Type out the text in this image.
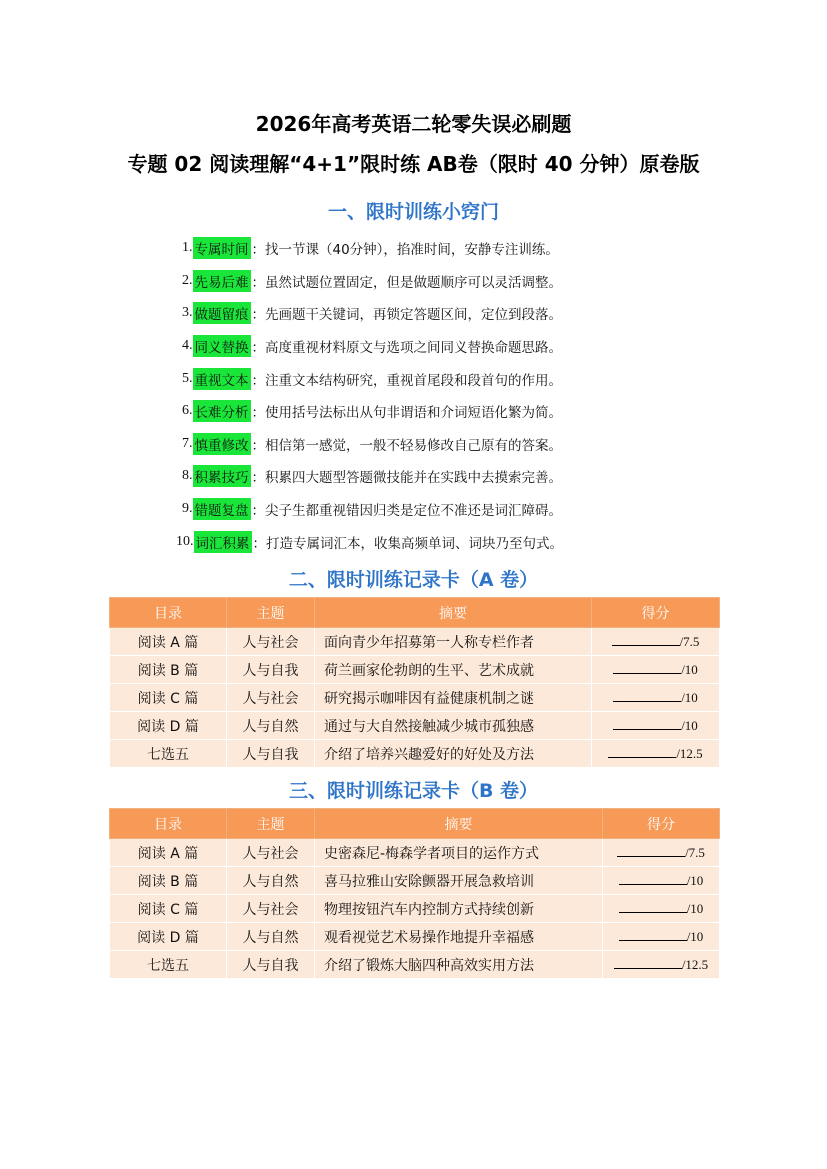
2026年高考英语二轮零失误必刷题
专题 02 阅读理解“4+1”限时练 AB卷（限时 40 分钟）原卷版
一、限时训练小窍门
1. 专属时间 ：找一节课（40分钟），掐准时间，安静专注训练。
2. 先易后难 ：虽然试题位置固定，但是做题顺序可以灵活调整。
3. 做题留痕 ：先画题干关键词，再锁定答题区间，定位到段落。
4. 同义替换 ：高度重视材料原文与选项之间同义替换命题思路。
5. 重视文本 ：注重文本结构研究，重视首尾段和段首句的作用。
6. 长难分析 ：使用括号法标出从句非谓语和介词短语化繁为简。
7. 慎重修改 ：相信第一感觉，一般不轻易修改自己原有的答案。
8. 积累技巧 ：积累四大题型答题微技能并在实践中去摸索完善。
9. 错题复盘 ：尖子生都重视错因归类是定位不准还是词汇障碍。
10. 词汇积累 ：打造专属词汇本，收集高频单词、词块乃至句式。
二、限时训练记录卡（A 卷）
目录	主题	摘要	得分
阅读 A 篇	人与社会	面向青少年招募第一人称专栏作者	/7.5
阅读 B 篇	人与自我	荷兰画家伦勃朗的生平、艺术成就	/10
阅读 C 篇	人与社会	研究揭示咖啡因有益健康机制之谜	/10
阅读 D 篇	人与自然	通过与大自然接触减少城市孤独感	/10
七选五	人与自我	介绍了培养兴趣爱好的好处及方法	/12.5
三、限时训练记录卡（B 卷）
目录	主题	摘要	得分
阅读 A 篇	人与社会	史密森尼-梅森学者项目的运作方式	/7.5
阅读 B 篇	人与自然	喜马拉雅山安除颤器开展急救培训	/10
阅读 C 篇	人与社会	物理按钮汽车内控制方式持续创新	/10
阅读 D 篇	人与自然	观看视觉艺术易操作地提升幸福感	/10
七选五	人与自我	介绍了锻炼大脑四种高效实用方法	/12.5
